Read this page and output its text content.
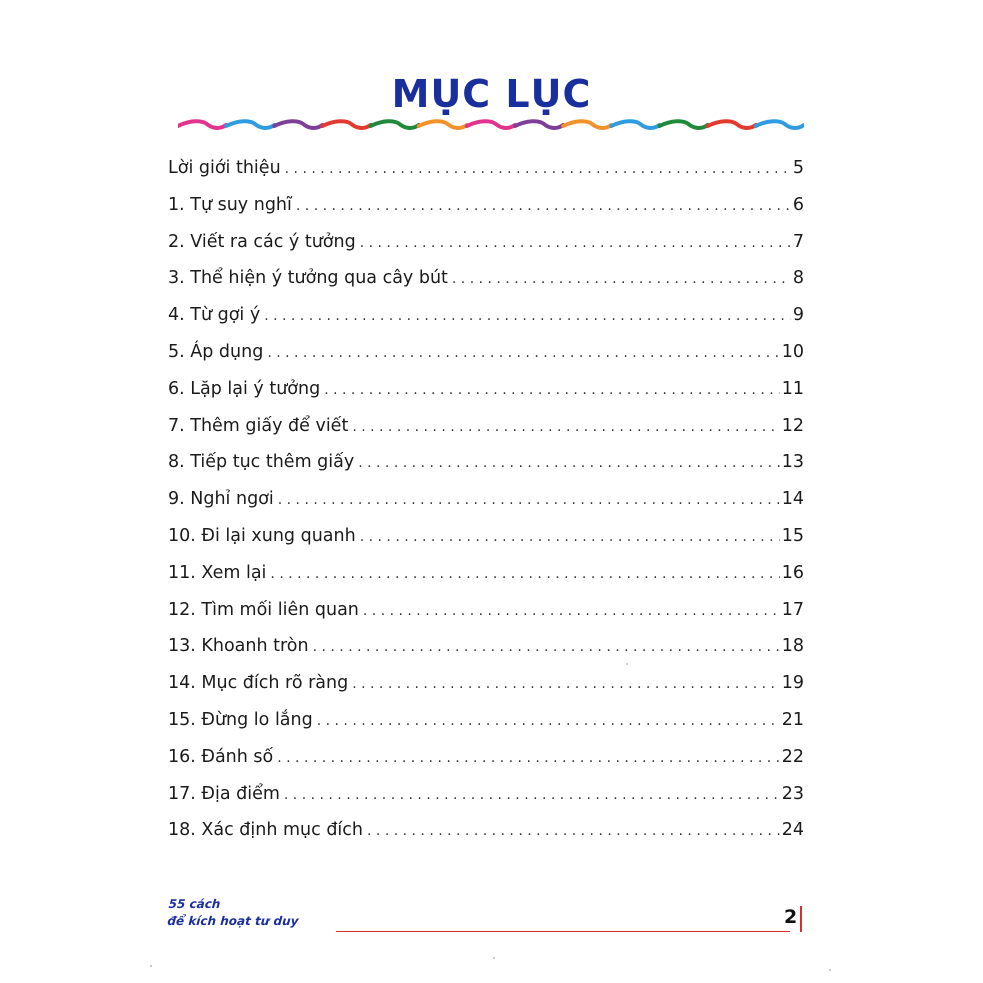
MỤC LỤC
Lời giới thiệu . . .	5
1. Tự suy nghĩ . . .	6
2. Viết ra các ý tưởng . . .	7
3. Thể hiện ý tưởng qua cây bút . . .	8
4. Từ gợi ý . . .	9
5. Áp dụng . . .	10
6. Lặp lại ý tưởng . . .	11
7. Thêm giấy để viết . . .	12
8. Tiếp tục thêm giấy . . .	13
9. Nghỉ ngơi . . .	14
10. Đi lại xung quanh . . .	15
11. Xem lại . . .	16
12. Tìm mối liên quan . . .	17
13. Khoanh tròn . . .	18
14. Mục đích rõ ràng . . .	19
15. Đừng lo lắng . . .	21
16. Đánh số . . .	22
17. Địa điểm . . .	23
18. Xác định mục đích . . .	24
55 cách
để kích hoạt tư duy	2
